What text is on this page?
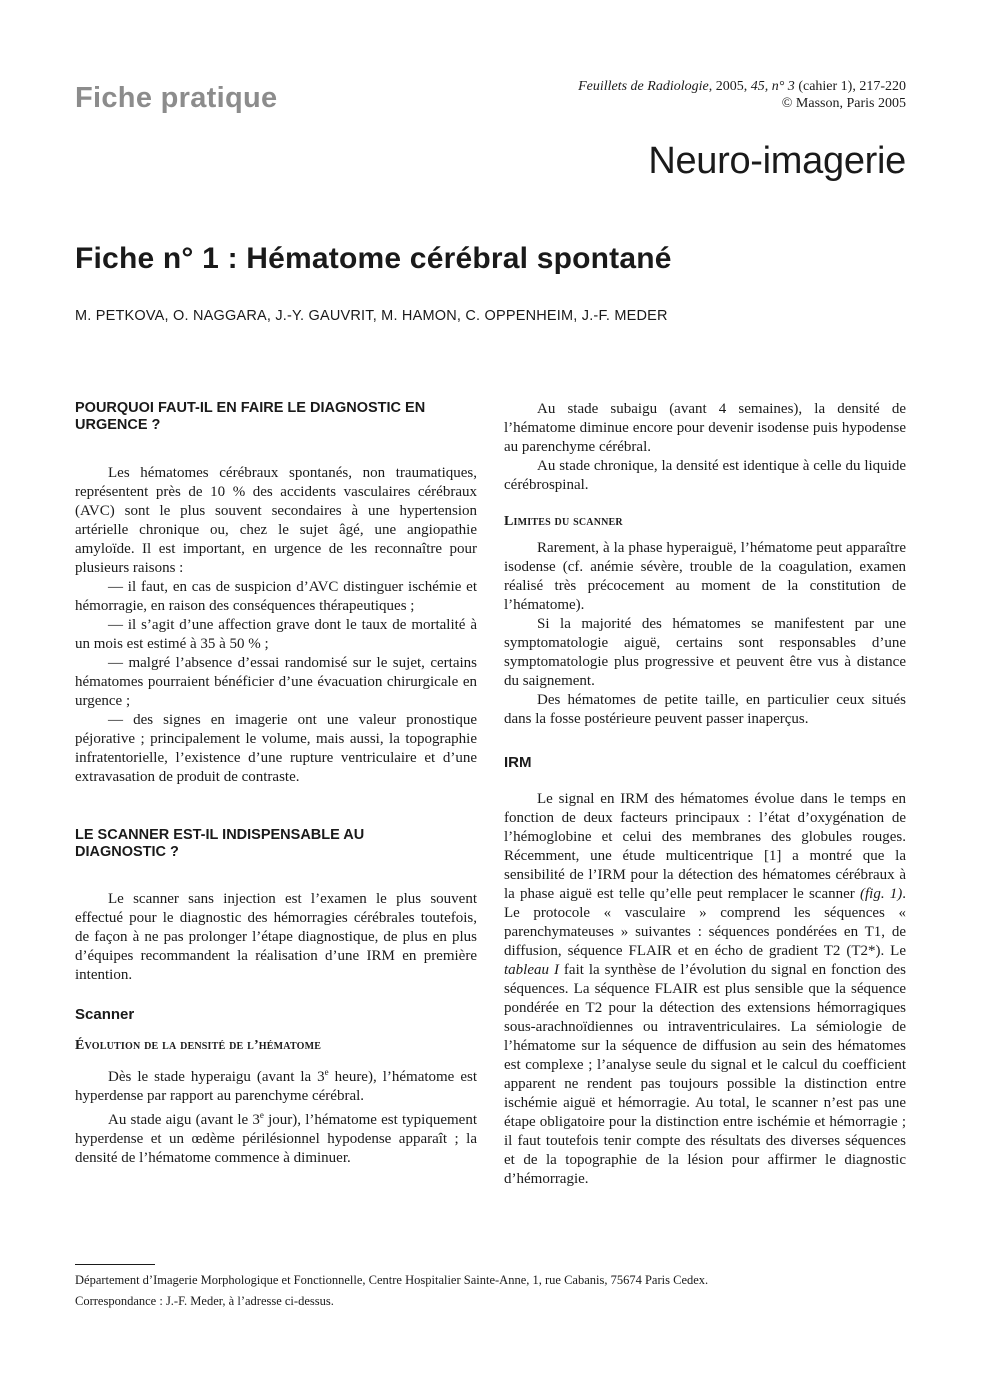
Fiche pratique	Feuillets de Radiologie, 2005, 45, n° 3 (cahier 1), 217-220
© Masson, Paris 2005
Neuro-imagerie
Fiche n° 1 : Hématome cérébral spontané
M. PETKOVA, O. NAGGARA, J.-Y. GAUVRIT, M. HAMON, C. OPPENHEIM, J.-F. MEDER
POURQUOI FAUT-IL EN FAIRE LE DIAGNOSTIC EN URGENCE ?

Les hématomes cérébraux spontanés, non traumatiques, représentent près de 10 % des accidents vasculaires cérébraux (AVC) sont le plus souvent secondaires à une hypertension artérielle chronique ou, chez le sujet âgé, une angiopathie amyloïde. Il est important, en urgence de les reconnaître pour plusieurs raisons :

— il faut, en cas de suspicion d’AVC distinguer ischémie et hémorragie, en raison des conséquences thérapeutiques ;

— il s’agit d’une affection grave dont le taux de mortalité à un mois est estimé à 35 à 50 % ;

— malgré l’absence d’essai randomisé sur le sujet, certains hématomes pourraient bénéficier d’une évacuation chirurgicale en urgence ;

— des signes en imagerie ont une valeur pronostique péjorative ; principalement le volume, mais aussi, la topographie infratentorielle, l’existence d’une rupture ventriculaire et d’une extravasation de produit de contraste.

LE SCANNER EST-IL INDISPENSABLE AU DIAGNOSTIC ?

Le scanner sans injection est l’examen le plus souvent effectué pour le diagnostic des hémorragies cérébrales toutefois, de façon à ne pas prolonger l’étape diagnostique, de plus en plus d’équipes recommandent la réalisation d’une IRM en première intention.

Scanner
Évolution de la densité de l’hématome

Dès le stade hyperaigu (avant la 3e heure), l’hématome est hyperdense par rapport au parenchyme cérébral.

Au stade aigu (avant le 3e jour), l’hématome est typiquement hyperdense et un œdème périlésionnel hypodense apparaît ; la densité de l’hématome commence à diminuer.

Au stade subaigu (avant 4 semaines), la densité de l’hématome diminue encore pour devenir isodense puis hypodense au parenchyme cérébral.

Au stade chronique, la densité est identique à celle du liquide cérébrospinal.

Limites du scanner

Rarement, à la phase hyperaiguë, l’hématome peut apparaître isodense (cf. anémie sévère, trouble de la coagulation, examen réalisé très précocement au moment de la constitution de l’hématome).

Si la majorité des hématomes se manifestent par une symptomatologie aiguë, certains sont responsables d’une symptomatologie plus progressive et peuvent être vus à distance du saignement.

Des hématomes de petite taille, en particulier ceux situés dans la fosse postérieure peuvent passer inaperçus.

IRM

Le signal en IRM des hématomes évolue dans le temps en fonction de deux facteurs principaux : l’état d’oxygénation de l’hémoglobine et celui des membranes des globules rouges. Récemment, une étude multicentrique [1] a montré que la sensibilité de l’IRM pour la détection des hématomes cérébraux à la phase aiguë est telle qu’elle peut remplacer le scanner (fig. 1). Le protocole « vasculaire » comprend les séquences « parenchymateuses » suivantes : séquences pondérées en T1, de diffusion, séquence FLAIR et en écho de gradient T2 (T2*). Le tableau I fait la synthèse de l’évolution du signal en fonction des séquences. La séquence FLAIR est plus sensible que la séquence pondérée en T2 pour la détection des extensions hémorragiques sous-arachnoïdiennes ou intraventriculaires. La sémiologie de l’hématome sur la séquence de diffusion au sein des hématomes est complexe ; l’analyse seule du signal et le calcul du coefficient apparent ne rendent pas toujours possible la distinction entre ischémie aiguë et hémorragie. Au total, le scanner n’est pas une étape obligatoire pour la distinction entre ischémie et hémorragie ; il faut toutefois tenir compte des résultats des diverses séquences et de la topographie de la lésion pour affirmer le diagnostic d’hémorragie.

Département d’Imagerie Morphologique et Fonctionnelle, Centre Hospitalier Sainte-Anne, 1, rue Cabanis, 75674 Paris Cedex.
Correspondance : J.-F. Meder, à l’adresse ci-dessus.
